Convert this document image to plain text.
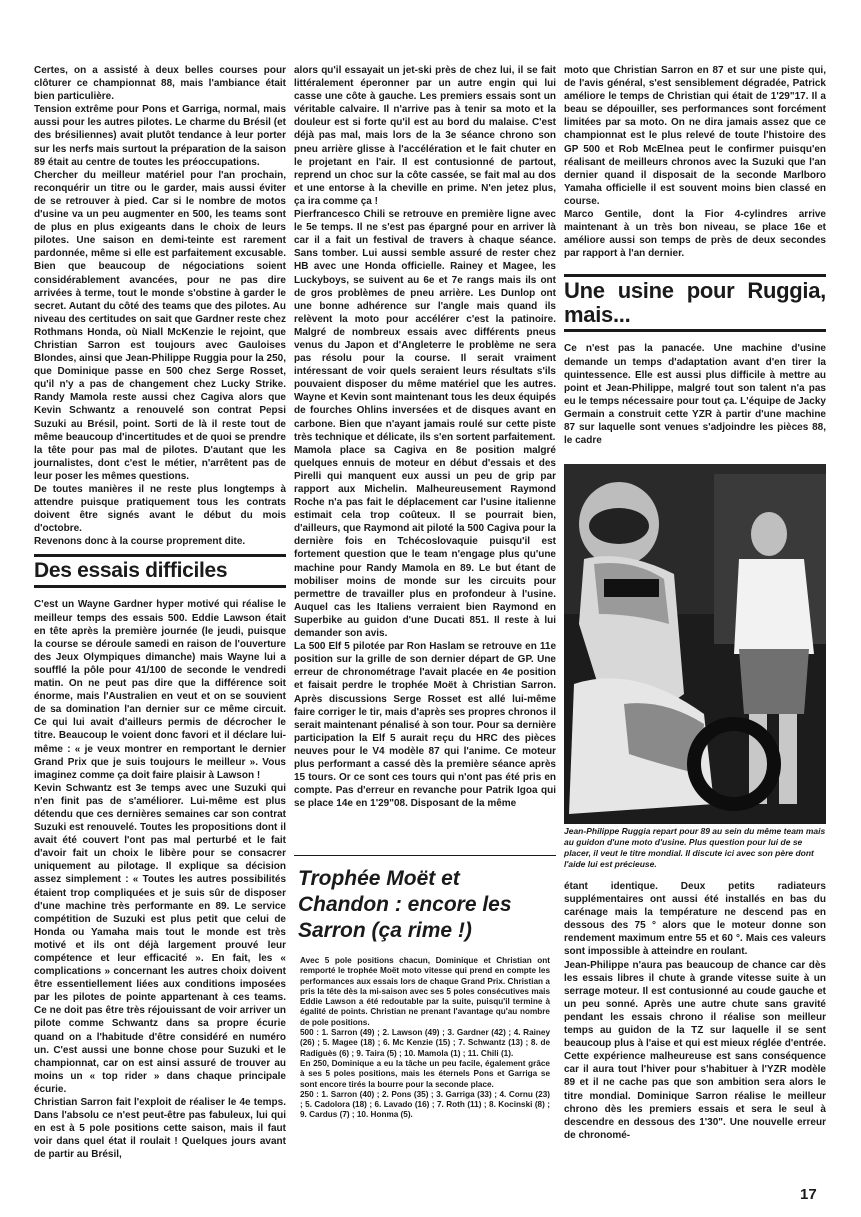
Certes, on a assisté à deux belles courses pour clôturer ce championnat 88, mais l'ambiance était bien particulière.

Tension extrême pour Pons et Garriga, normal, mais aussi pour les autres pilotes. Le charme du Brésil (et des brésiliennes) avait plutôt tendance à leur porter sur les nerfs mais surtout la préparation de la saison 89 était au centre de toutes les préoccupations.

Chercher du meilleur matériel pour l'an prochain, reconquérir un titre ou le garder, mais aussi éviter de se retrouver à pied. Car si le nombre de motos d'usine va un peu augmenter en 500, les teams sont de plus en plus exigeants dans le choix de leurs pilotes. Une saison en demi-teinte est rarement pardonnée, même si elle est parfaitement excusable. Bien que beaucoup de négociations soient considérablement avancées, pour ne pas dire arrivées à terme, tout le monde s'obstine à garder le secret. Autant du côté des teams que des pilotes. Au niveau des certitudes on sait que Gardner reste chez Rothmans Honda, où Niall McKenzie le rejoint, que Christian Sarron est toujours avec Gauloises Blondes, ainsi que Jean-Philippe Ruggia pour la 250, que Dominique passe en 500 chez Serge Rosset, qu'il n'y a pas de changement chez Lucky Strike. Randy Mamola reste aussi chez Cagiva alors que Kevin Schwantz a renouvelé son contrat Pepsi Suzuki au Brésil, point. Sorti de là il reste tout de même beaucoup d'incertitudes et de quoi se prendre la tête pour pas mal de pilotes. D'autant que les journalistes, dont c'est le métier, n'arrêtent pas de leur poser les mêmes questions.

De toutes manières il ne reste plus longtemps à attendre puisque pratiquement tous les contrats doivent être signés avant le début du mois d'octobre.

Revenons donc à la course proprement dite.

Des essais difficiles

C'est un Wayne Gardner hyper motivé qui réalise le meilleur temps des essais 500. Eddie Lawson était en tête après la première journée (le jeudi, puisque la course se déroule samedi en raison de l'ouverture des Jeux Olympiques dimanche) mais Wayne lui a soufflé la pôle pour 41/100 de seconde le vendredi matin. On ne peut pas dire que la différence soit énorme, mais l'Australien en veut et on se souvient de sa domination l'an dernier sur ce même circuit. Ce qui lui avait d'ailleurs permis de décrocher le titre. Beaucoup le voient donc favori et il déclare lui-même : « je veux montrer en remportant le dernier Grand Prix que je suis toujours le meilleur ». Vous imaginez comme ça doit faire plaisir à Lawson !

Kevin Schwantz est 3e temps avec une Suzuki qui n'en finit pas de s'améliorer. Lui-même est plus détendu que ces dernières semaines car son contrat Suzuki est renouvelé. Toutes les propositions dont il avait été couvert l'ont pas mal perturbé et le fait d'avoir fait un choix le libère pour se consacrer uniquement au pilotage. Il explique sa décision assez simplement : « Toutes les autres possibilités étaient trop compliquées et je suis sûr de disposer d'une machine très performante en 89. Le service compétition de Suzuki est plus petit que celui de Honda ou Yamaha mais tout le monde est très motivé et ils ont déjà largement prouvé leur compétence et leur efficacité ». En fait, les « complications » concernant les autres choix doivent être essentiellement liées aux conditions imposées par les pilotes de pointe appartenant à ces teams. Ce ne doit pas être très réjouissant de voir arriver un pilote comme Schwantz dans sa propre écurie quand on a l'habitude d'être considéré en numéro un. C'est aussi une bonne chose pour Suzuki et le championnat, car on est ainsi assuré de trouver au moins un « top rider » dans chaque principale écurie.

Christian Sarron fait l'exploit de réaliser le 4e temps. Dans l'absolu ce n'est peut-être pas fabuleux, lui qui en est à 5 pole positions cette saison, mais il faut voir dans quel état il roulait ! Quelques jours avant de partir au Brésil,

alors qu'il essayait un jet-ski près de chez lui, il se fait littéralement éperonner par un autre engin qui lui casse une côte à gauche. Les premiers essais sont un véritable calvaire. Il n'arrive pas à tenir sa moto et la douleur est si forte qu'il est au bord du malaise. C'est déjà pas mal, mais lors de la 3e séance chrono son pneu arrière glisse à l'accélération et le fait chuter en le projetant en l'air. Il est contusionné de partout, reprend un choc sur la côte cassée, se fait mal au dos et une entorse à la cheville en prime. N'en jetez plus, ça ira comme ça !

Pierfrancesco Chili se retrouve en première ligne avec le 5e temps. Il ne s'est pas épargné pour en arriver là car il a fait un festival de travers à chaque séance. Sans tomber. Lui aussi semble assuré de rester chez HB avec une Honda officielle. Rainey et Magee, les Luckyboys, se suivent au 6e et 7e rangs mais ils ont de gros problèmes de pneu arrière. Les Dunlop ont une bonne adhérence sur l'angle mais quand ils relèvent la moto pour accélérer c'est la patinoire. Malgré de nombreux essais avec différents pneus venus du Japon et d'Angleterre le problème ne sera pas résolu pour la course. Il serait vraiment intéressant de voir quels seraient leurs résultats s'ils pouvaient disposer du même matériel que les autres. Wayne et Kevin sont maintenant tous les deux équipés de fourches Ohlins inversées et de disques avant en carbone. Bien que n'ayant jamais roulé sur cette piste très technique et délicate, ils s'en sortent parfaitement.

Mamola place sa Cagiva en 8e position malgré quelques ennuis de moteur en début d'essais et des Pirelli qui manquent eux aussi un peu de grip par rapport aux Michelin. Malheureusement Raymond Roche n'a pas fait le déplacement car l'usine italienne estimait cela trop coûteux. Il se pourrait bien, d'ailleurs, que Raymond ait piloté la 500 Cagiva pour la dernière fois en Tchécoslovaquie puisqu'il est fortement question que le team n'engage plus qu'une machine pour Randy Mamola en 89. Le but étant de mobiliser moins de monde sur les circuits pour permettre de travailler plus en profondeur à l'usine. Auquel cas les Italiens verraient bien Raymond en Superbike au guidon d'une Ducati 851. Il reste à lui demander son avis.

La 500 Elf 5 pilotée par Ron Haslam se retrouve en 11e position sur la grille de son dernier départ de GP. Une erreur de chronométrage l'avait placée en 4e position et faisait perdre le trophée Moët à Christian Sarron. Après discussions Serge Rosset est allé lui-même faire corriger le tir, mais d'après ses propres chronos il serait maintenant pénalisé à son tour. Pour sa dernière participation la Elf 5 aurait reçu du HRC des pièces neuves pour le V4 modèle 87 qui l'anime. Ce moteur plus performant a cassé dès la première séance après 15 tours. Or ce sont ces tours qui n'ont pas été pris en compte. Pas d'erreur en revanche pour Patrik Igoa qui se place 14e en 1'29"08. Disposant de la même

Trophée Moët et Chandon : encore les Sarron (ça rime !)

Avec 5 pole positions chacun, Dominique et Christian ont remporté le trophée Moët moto vitesse qui prend en compte les performances aux essais lors de chaque Grand Prix. Christian a pris la tête dès la mi-saison avec ses 5 poles consécutives mais Eddie Lawson a été redoutable par la suite, puisqu'il termine à égalité de points. Christian ne prenant l'avantage qu'au nombre de pole positions.

500 : 1. Sarron (49) ; 2. Lawson (49) ; 3. Gardner (42) ; 4. Rainey (26) ; 5. Magee (18) ; 6. Mc Kenzie (15) ; 7. Schwantz (13) ; 8. de Radiguès (6) ; 9. Taira (5) ; 10. Mamola (1) ; 11. Chili (1).

En 250, Dominique a eu la tâche un peu facile, également grâce à ses 5 poles positions, mais les éternels Pons et Garriga se sont encore tirés la bourre pour la seconde place.

250 : 1. Sarron (40) ; 2. Pons (35) ; 3. Garriga (33) ; 4. Cornu (23) ; 5. Cadolora (18) ; 6. Lavado (16) ; 7. Roth (11) ; 8. Kocinski (8) ; 9. Cardus (7) ; 10. Honma (5).

moto que Christian Sarron en 87 et sur une piste qui, de l'avis général, s'est sensiblement dégradée, Patrick améliore le temps de Christian qui était de 1'29"17. Il a beau se dépouiller, ses performances sont forcément limitées par sa moto. On ne dira jamais assez que ce championnat est le plus relevé de toute l'histoire des GP 500 et Rob McElnea peut le confirmer puisqu'en réalisant de meilleurs chronos avec la Suzuki que l'an dernier quand il disposait de la seconde Marlboro Yamaha officielle il est souvent moins bien classé en course.

Marco Gentile, dont la Fior 4-cylindres arrive maintenant à un très bon niveau, se place 16e et améliore aussi son temps de près de deux secondes par rapport à l'an dernier.

Une usine pour Ruggia, mais...

Ce n'est pas la panacée. Une machine d'usine demande un temps d'adaptation avant d'en tirer la quintessence. Elle est aussi plus difficile à mettre au point et Jean-Philippe, malgré tout son talent n'a pas eu le temps nécessaire pour tout ça. L'équipe de Jacky Germain a construit cette YZR à partir d'une machine 87 sur laquelle sont venues s'adjoindre les pièces 88, le cadre

Jean-Philippe Ruggia repart pour 89 au sein du même team mais au guidon d'une moto d'usine. Plus question pour lui de se placer, il veut le titre mondial. Il discute ici avec son père dont l'aide lui est précieuse.

étant identique. Deux petits radiateurs supplémentaires ont aussi été installés en bas du carénage mais la température ne descend pas en dessous des 75 ° alors que le moteur donne son rendement maximum entre 55 et 60 °. Mais ces valeurs sont impossible à atteindre en roulant.

Jean-Philippe n'aura pas beaucoup de chance car dès les essais libres il chute à grande vitesse suite à un serrage moteur. Il est contusionné au coude gauche et un peu sonné. Après une autre chute sans gravité pendant les essais chrono il réalise son meilleur temps au guidon de la TZ sur laquelle il se sent beaucoup plus à l'aise et qui est mieux réglée d'entrée. Cette expérience malheureuse est sans conséquence car il aura tout l'hiver pour s'habituer à l'YZR modèle 89 et il ne cache pas que son ambition sera alors le titre mondial. Dominique Sarron réalise le meilleur chrono dès les premiers essais et sera le seul à descendre en dessous des 1'30". Une nouvelle erreur de chronomé-

17
